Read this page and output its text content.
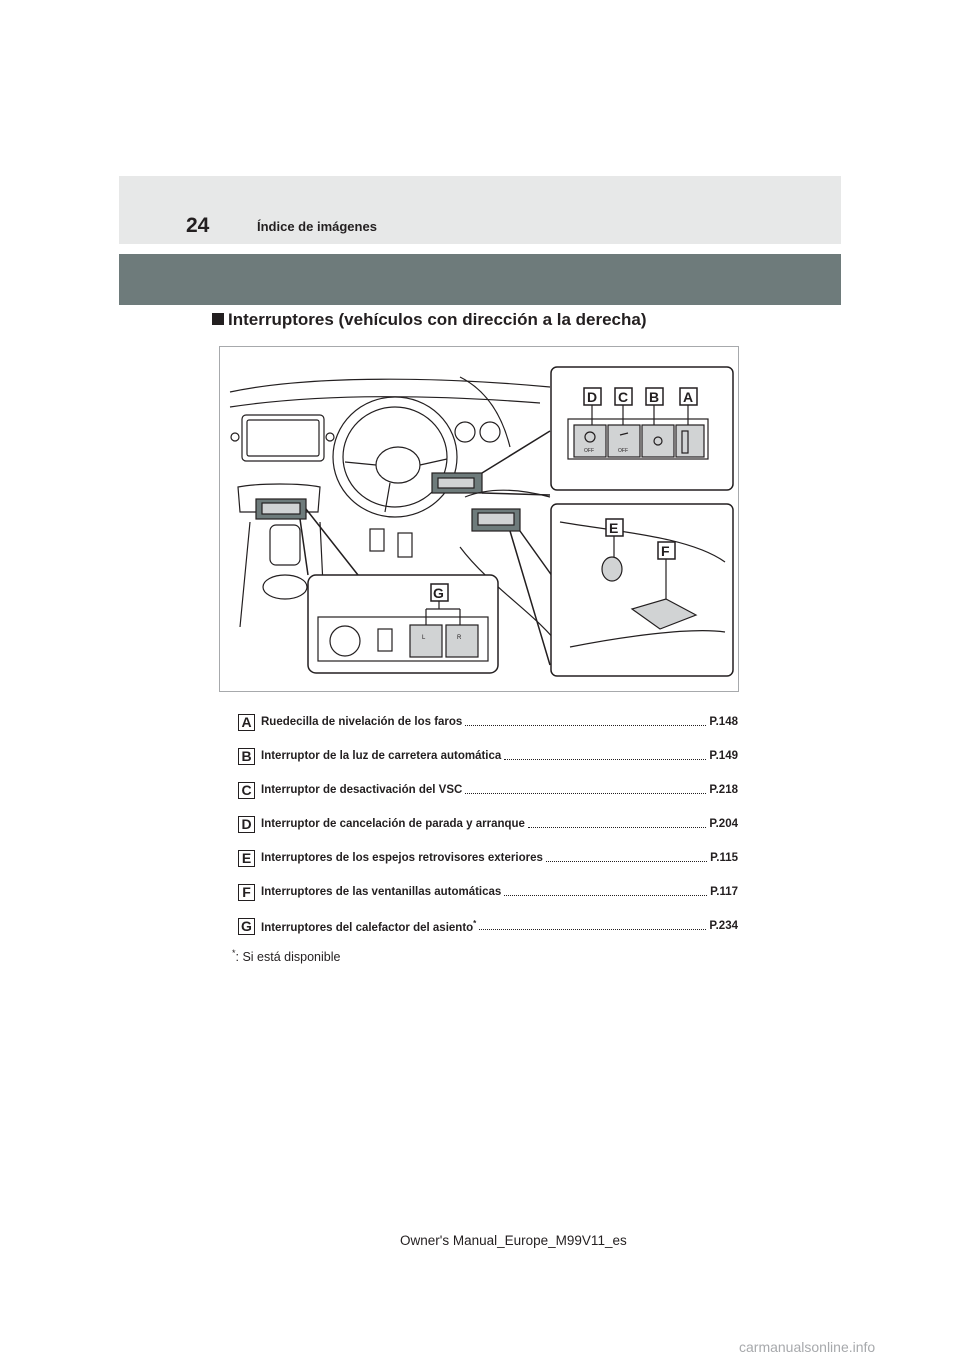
24	Índice de imágenes
Interruptores (vehículos con dirección a la derecha)
OFF	OFF
D C B A
E
F
L	R
G
A Ruedecilla de nivelación de los faros	P.148
B Interruptor de la luz de carretera automática	P.149
C Interruptor de desactivación del VSC	P.218
D Interruptor de cancelación de parada y arranque	P.204
E Interruptores de los espejos retrovisores exteriores	P.115
F Interruptores de las ventanillas automáticas	P.117
G Interruptores del calefactor del asiento*	P.234
*: Si está disponible
Owner's Manual_Europe_M99V11_es
carmanualsonline.info
